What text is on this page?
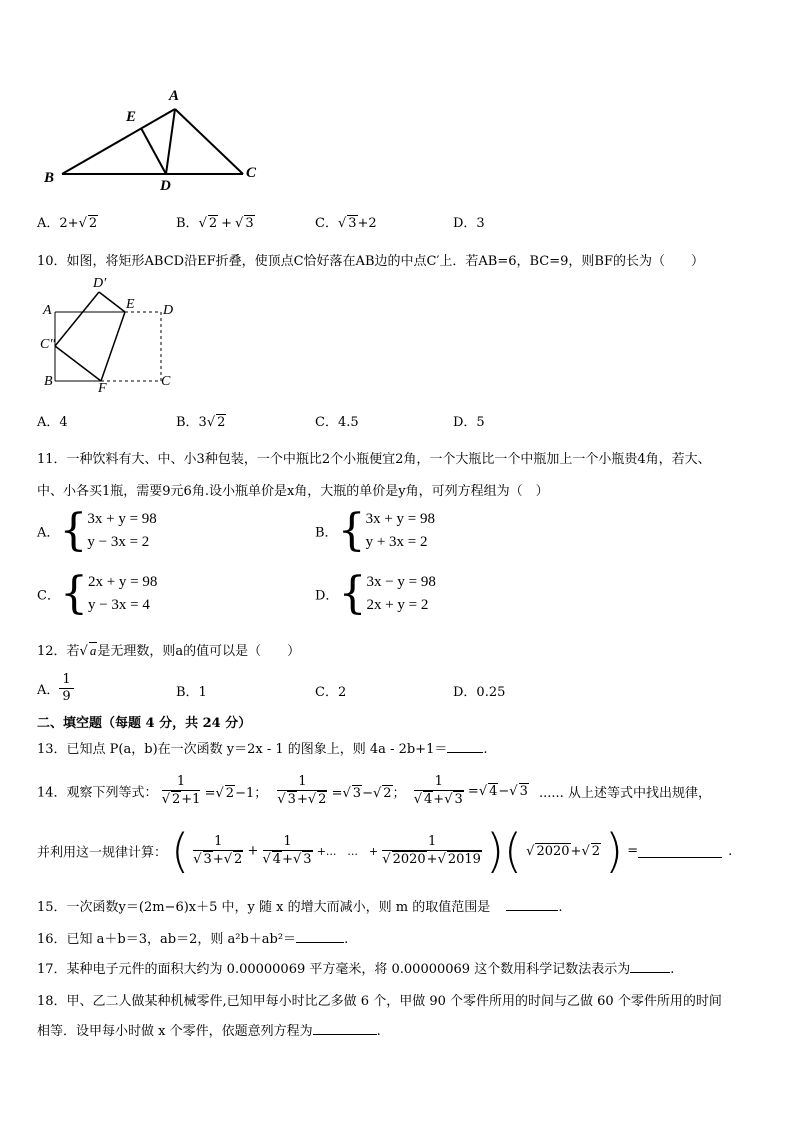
A
E
B	D
C
A．2+√ 2	B．√ 2 + √ 3	C．√ 3+2	D．3
10．如图，将矩形ABCD沿EF折叠，使顶点C恰好落在AB边的中点C′上．若AB=6，BC=9，则BF的长为（　　）
D′
E
A	D
C″
B	F	C
A．4	B．3√ 2	C．4.5	D．5
11．一种饮料有大、中、小3种包装，一个中瓶比2个小瓶便宜2角，一个大瓶比一个中瓶加上一个小瓶贵4角，若大、
中、小各买1瓶，需要9元6角.设小瓶单价是x角，大瓶的单价是y角，可列方程组为（　）
A．{ 3x + y = 98
y − 3x = 2
B．{ 3x + y = 98
y + 3x = 2
C．{ 2x + y = 98
y − 3x = 4
D．{ 3x − y = 98
2x + y = 2
12．若√ a是无理数，则a的值可以是（　　）
A． $\frac{1}{9}$	B．1	C．2	D．0.25
二、填空题（每题 4 分，共 24 分）
13．已知点 P(a，b)在一次函数 y＝2x - 1 的图象上，则 4a - 2b+1＝	.
14．观察下列等式： $\frac{1}{√ 2+1}$ =√ 2−1； $\frac{1}{√ 3+√ 2}$ =√ 3−√ 2； $\frac{1}{√ 4+√ 3}$ =√ 4−√ 3 ...... 从上述等式中找出规律，
并利用这一规律计算： ( $\frac{1}{√ 3+√ 2} + \frac{1}{√ 4+√ 3}$ +...　...　+ $\frac{1}{√ 2020+√ 2019}$ )( √ 2020+√ 2 ) =	.
15．一次函数y＝(2m−6)x＋5 中，y 随 x 的增大而减小，则 m 的取值范围是	.
16．已知 a＋b＝3，ab＝2，则 a²b＋ab²＝	.
17．某种电子元件的面积大约为 0.00000069 平方毫米，将 0.00000069 这个数用科学记数法表示为	.
18．甲、乙二人做某种机械零件,已知甲每小时比乙多做 6 个，甲做 90 个零件所用的时间与乙做 60 个零件所用的时间
相等．设甲每小时做 x 个零件，依题意列方程为	.
